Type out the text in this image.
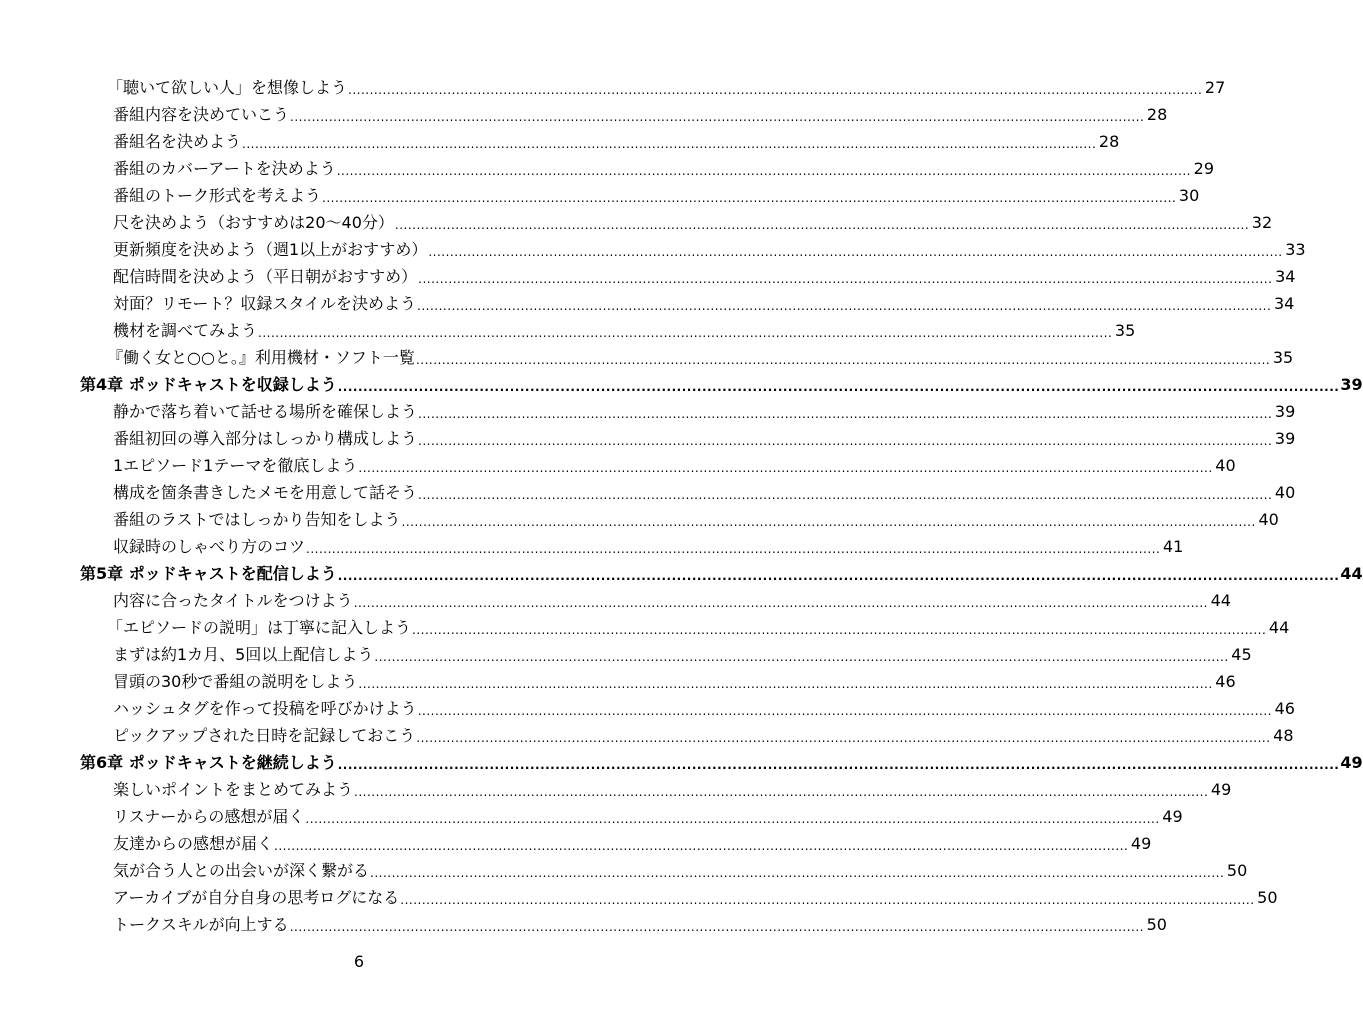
「聴いて欲しい人」を想像しよう .....	27
番組内容を決めていこう .....	28
番組名を決めよう .....	28
番組のカバーアートを決めよう .....	29
番組のトーク形式を考えよう .....	30
尺を決めよう（おすすめは20〜40分） .....	32
更新頻度を決めよう（週1以上がおすすめ） .....	33
配信時間を決めよう（平日朝がおすすめ） .....	34
対面？リモート？収録スタイルを決めよう .....	34
機材を調べてみよう .....	35
『働く女と○○と。』利用機材・ソフト一覧 .....	35
第4章 ポッドキャストを収録しよう .....	39
静かで落ち着いて話せる場所を確保しよう .....	39
番組初回の導入部分はしっかり構成しよう .....	39
1エピソード1テーマを徹底しよう .....	40
構成を箇条書きしたメモを用意して話そう .....	40
番組のラストではしっかり告知をしよう .....	40
収録時のしゃべり方のコツ .....	41
第5章 ポッドキャストを配信しよう .....	44
内容に合ったタイトルをつけよう .....	44
「エピソードの説明」は丁寧に記入しよう .....	44
まずは約1カ月、5回以上配信しよう .....	45
冒頭の30秒で番組の説明をしよう .....	46
ハッシュタグを作って投稿を呼びかけよう .....	46
ピックアップされた日時を記録しておこう .....	48
第6章 ポッドキャストを継続しよう .....	49
楽しいポイントをまとめてみよう .....	49
リスナーからの感想が届く .....	49
友達からの感想が届く .....	49
気が合う人との出会いが深く繋がる .....	50
アーカイブが自分自身の思考ログになる .....	50
トークスキルが向上する .....	50
6
